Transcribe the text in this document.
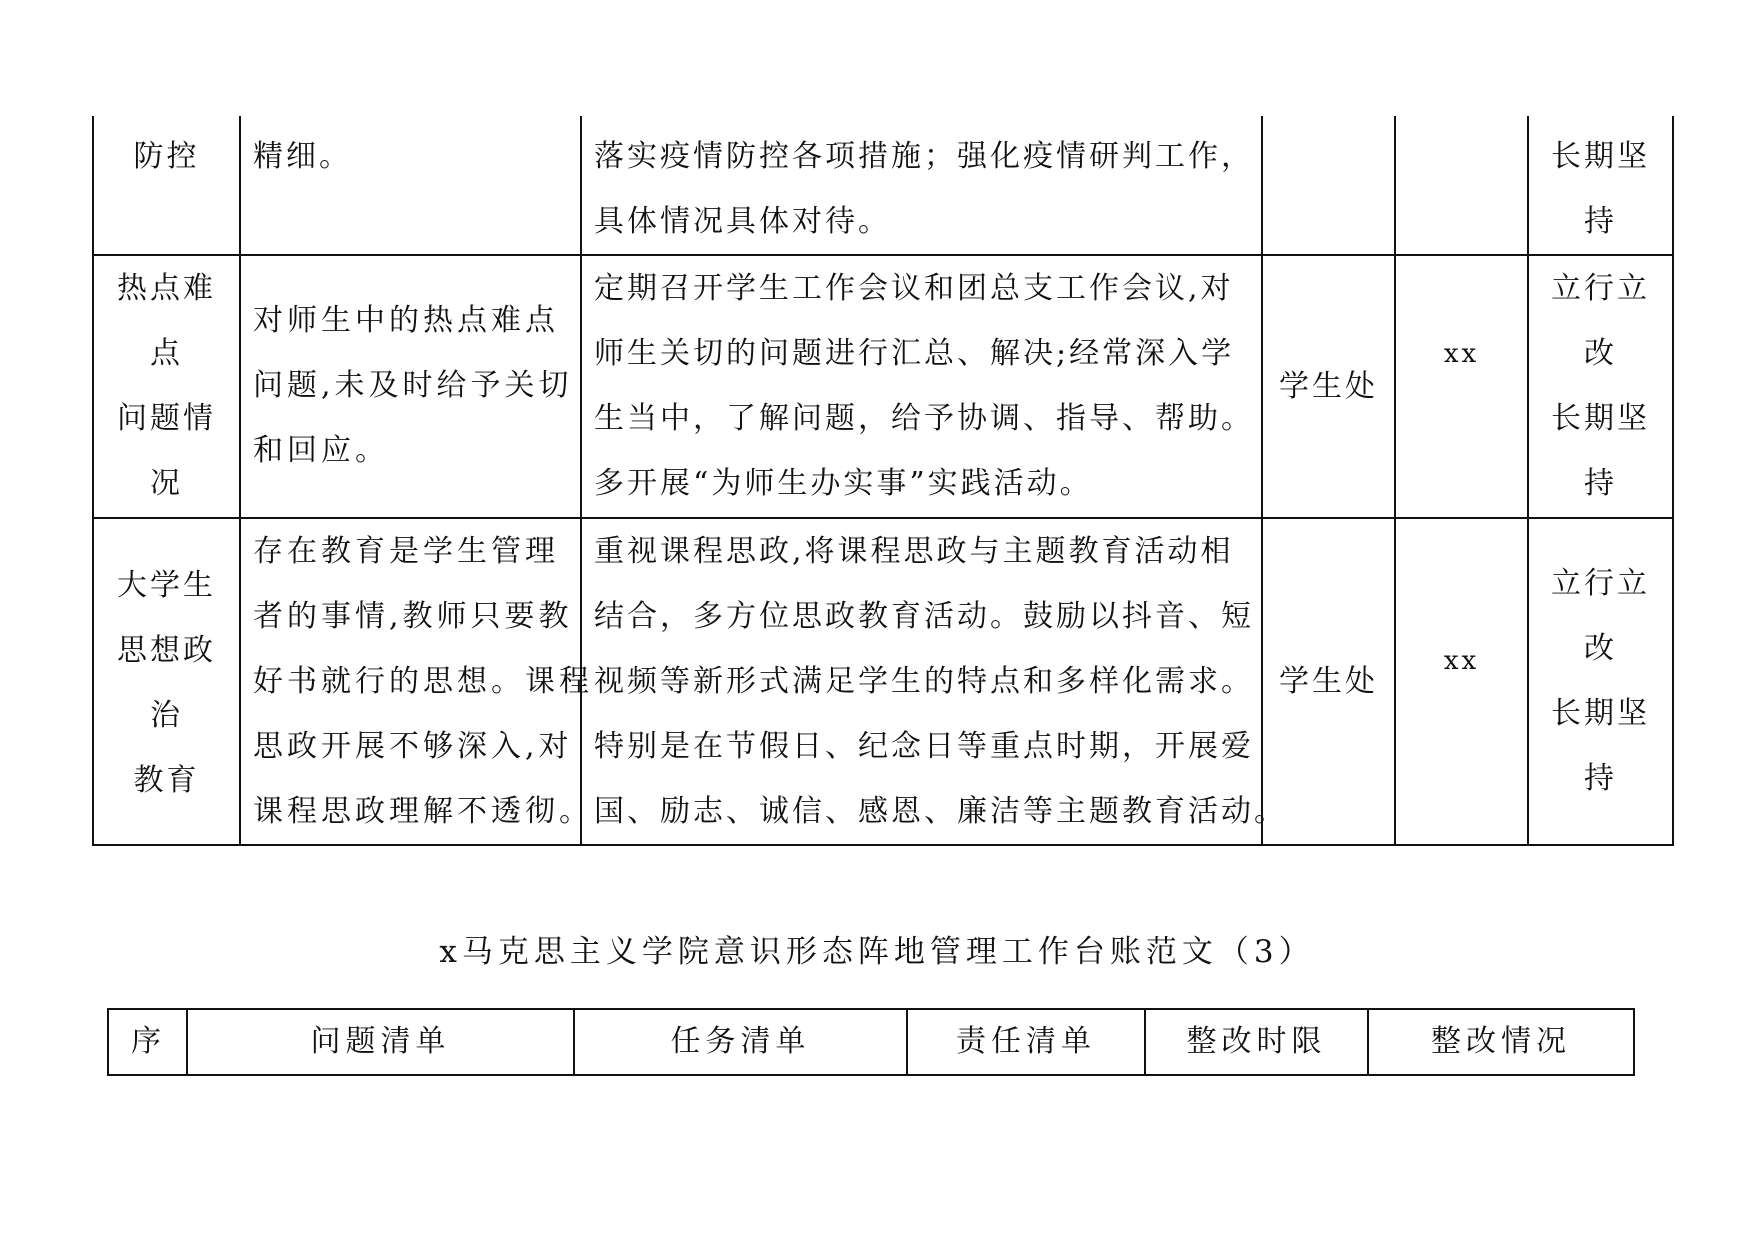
防控	精细。	落实疫情防控各项措施；强化疫情研判工作，
具体情况具体对待。			长期坚
持

热点难
点
问题情
况	对师生中的热点难点
问题,未及时给予关切
和回应。	定期召开学生工作会议和团总支工作会议,对
师生关切的问题进行汇总、解决;经常深入学
生当中，了解问题，给予协调、指导、帮助。
多开展“为师生办实事”实践活动。	学生处	xx	立行立
改
长期坚
持

大学生
思想政
治
教育	存在教育是学生管理
者的事情,教师只要教
好书就行的思想。课程
思政开展不够深入,对
课程思政理解不透彻。	重视课程思政,将课程思政与主题教育活动相
结合，多方位思政教育活动。鼓励以抖音、短
视频等新形式满足学生的特点和多样化需求。
特别是在节假日、纪念日等重点时期，开展爱
国、励志、诚信、感恩、廉洁等主题教育活动。	学生处	xx	立行立
改
长期坚
持
x马克思主义学院意识形态阵地管理工作台账范文（3）
序	问题清单	任务清单	责任清单	整改时限	整改情况
